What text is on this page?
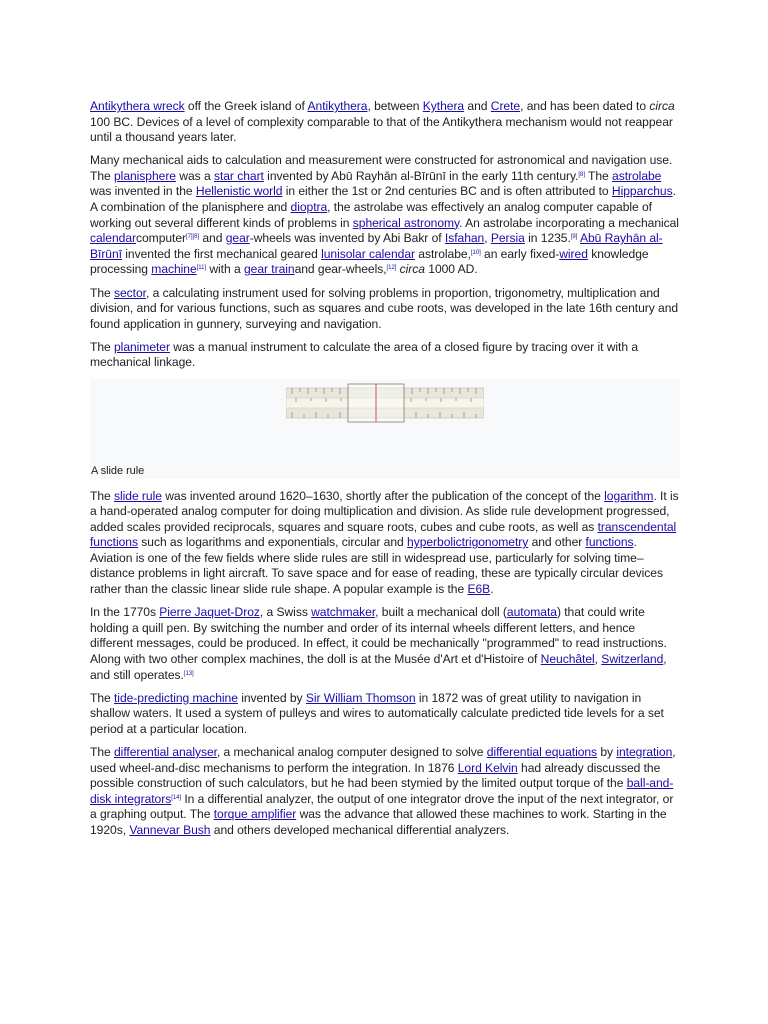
Antikythera wreck off the Greek island of Antikythera, between Kythera and Crete, and has been dated to circa 100 BC. Devices of a level of complexity comparable to that of the Antikythera mechanism would not reappear until a thousand years later.

Many mechanical aids to calculation and measurement were constructed for astronomical and navigation use. The planisphere was a star chart invented by Abū Rayhān al-Bīrūnī in the early 11th century.[8] The astrolabe was invented in the Hellenistic world in either the 1st or 2nd centuries BC and is often attributed to Hipparchus. A combination of the planisphere and dioptra, the astrolabe was effectively an analog computer capable of working out several different kinds of problems in spherical astronomy. An astrolabe incorporating a mechanical calendarcomputer[7][8] and gear-wheels was invented by Abi Bakr of Isfahan, Persia in 1235.[9] Abū Rayhān al-Bīrūnī invented the first mechanical geared lunisolar calendar astrolabe,[10] an early fixed-wired knowledge processing machine[11] with a gear trainand gear-wheels,[12] circa 1000 AD.

The sector, a calculating instrument used for solving problems in proportion, trigonometry, multiplication and division, and for various functions, such as squares and cube roots, was developed in the late 16th century and found application in gunnery, surveying and navigation.

The planimeter was a manual instrument to calculate the area of a closed figure by tracing over it with a mechanical linkage.

A slide rule

The slide rule was invented around 1620–1630, shortly after the publication of the concept of the logarithm. It is a hand-operated analog computer for doing multiplication and division. As slide rule development progressed, added scales provided reciprocals, squares and square roots, cubes and cube roots, as well as transcendental functions such as logarithms and exponentials, circular and hyperbolictrigonometry and other functions. Aviation is one of the few fields where slide rules are still in widespread use, particularly for solving time–distance problems in light aircraft. To save space and for ease of reading, these are typically circular devices rather than the classic linear slide rule shape. A popular example is the E6B.

In the 1770s Pierre Jaquet-Droz, a Swiss watchmaker, built a mechanical doll (automata) that could write holding a quill pen. By switching the number and order of its internal wheels different letters, and hence different messages, could be produced. In effect, it could be mechanically "programmed" to read instructions. Along with two other complex machines, the doll is at the Musée d'Art et d'Histoire of Neuchâtel, Switzerland, and still operates.[13]

The tide-predicting machine invented by Sir William Thomson in 1872 was of great utility to navigation in shallow waters. It used a system of pulleys and wires to automatically calculate predicted tide levels for a set period at a particular location.

The differential analyser, a mechanical analog computer designed to solve differential equations by integration, used wheel-and-disc mechanisms to perform the integration. In 1876 Lord Kelvin had already discussed the possible construction of such calculators, but he had been stymied by the limited output torque of the ball-and-disk integrators[14] In a differential analyzer, the output of one integrator drove the input of the next integrator, or a graphing output. The torque amplifier was the advance that allowed these machines to work. Starting in the 1920s, Vannevar Bush and others developed mechanical differential analyzers.
